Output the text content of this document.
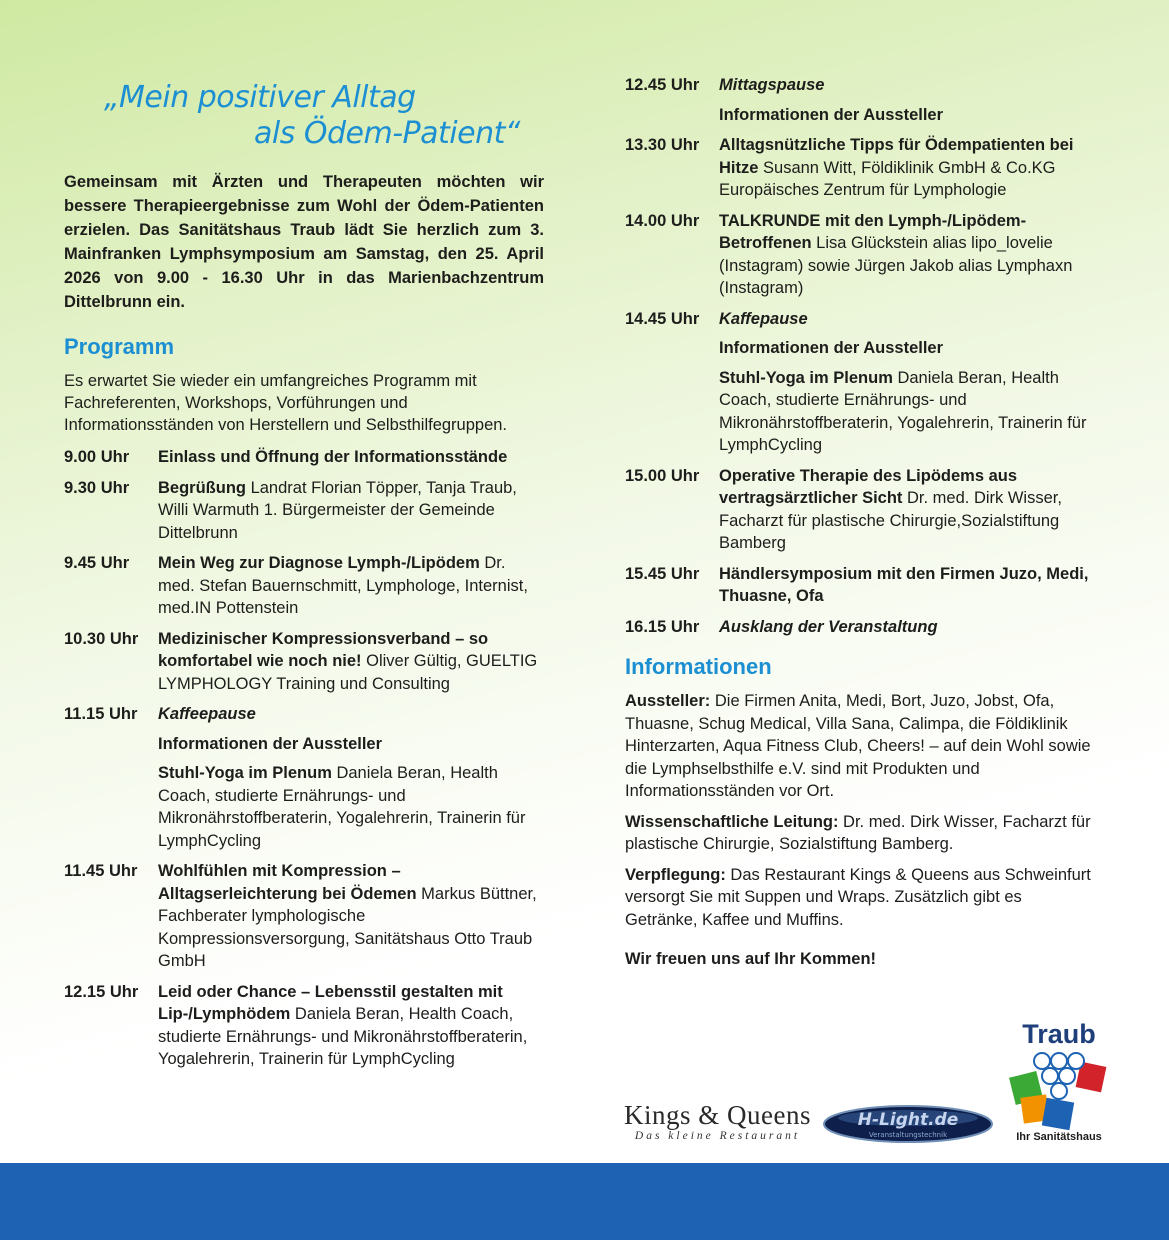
„Mein positiver Alltag
als Ödem-Patient“

Gemeinsam mit Ärzten und Therapeuten möchten wir bessere Therapieergebnisse zum Wohl der Ödem-Patienten erzielen. Das Sanitätshaus Traub lädt Sie herzlich zum 3. Mainfranken Lymphsymposium am Samstag, den 25. April 2026 von 9.00 - 16.30 Uhr in das Marienbachzentrum Dittelbrunn ein.

Programm

Es erwartet Sie wieder ein umfangreiches Programm mit Fachreferenten, Workshops, Vorführungen und Informationsständen von Herstellern und Selbsthilfegruppen.

9.00 Uhr	Einlass und Öffnung der Informationsstände

9.30 Uhr	Begrüßung Landrat Florian Töpper, Tanja Traub, Willi Warmuth 1. Bürgermeister der Gemeinde Dittelbrunn

9.45 Uhr	Mein Weg zur Diagnose Lymph-/Lipödem Dr. med. Stefan Bauernschmitt, Lymphologe, Internist, med.IN Pottenstein

10.30 Uhr	Medizinischer Kompressionsverband – so komfortabel wie noch nie! Oliver Gültig, GUELTIG LYMPHOLOGY Training und Consulting

11.15 Uhr	Kaffeepause

Informationen der Aussteller

Stuhl-Yoga im Plenum Daniela Beran, Health Coach, studierte Ernährungs- und Mikronährstoffberaterin, Yogalehrerin, Trainerin für LymphCycling

11.45 Uhr	Wohlfühlen mit Kompression – Alltagserleichterung bei Ödemen Markus Büttner, Fachberater lymphologische Kompressionsversorgung, Sanitätshaus Otto Traub GmbH

12.15 Uhr	Leid oder Chance – Lebensstil gestalten mit Lip-/Lymphödem Daniela Beran, Health Coach, studierte Ernährungs- und Mikronährstoffberaterin, Yogalehrerin, Trainerin für LymphCycling

12.45 Uhr	Mittagspause

Informationen der Aussteller

13.30 Uhr	Alltagsnützliche Tipps für Ödempatienten bei Hitze Susann Witt, Földiklinik GmbH & Co.KG Europäisches Zentrum für Lymphologie

14.00 Uhr	TALKRUNDE mit den Lymph-/Lipödem-Betroffenen Lisa Glückstein alias lipo_lovelie (Instagram) sowie Jürgen Jakob alias Lymphaxn (Instagram)

14.45 Uhr	Kaffepause

Informationen der Aussteller

Stuhl-Yoga im Plenum Daniela Beran, Health Coach, studierte Ernährungs- und Mikronährstoffberaterin, Yogalehrerin, Trainerin für LymphCycling

15.00 Uhr	Operative Therapie des Lipödems aus vertragsärztlicher Sicht Dr. med. Dirk Wisser, Facharzt für plastische Chirurgie,Sozialstiftung Bamberg

15.45 Uhr	Händlersymposium mit den Firmen Juzo, Medi, Thuasne, Ofa

16.15 Uhr	Ausklang der Veranstaltung

Informationen

Aussteller: Die Firmen Anita, Medi, Bort, Juzo, Jobst, Ofa, Thuasne, Schug Medical, Villa Sana, Calimpa, die Földiklinik Hinterzarten, Aqua Fitness Club, Cheers! – auf dein Wohl sowie die Lymphselbsthilfe e.V. sind mit Produkten und Informationsständen vor Ort.

Wissenschaftliche Leitung: Dr. med. Dirk Wisser, Facharzt für plastische Chirurgie, Sozialstiftung Bamberg.

Verpflegung: Das Restaurant Kings & Queens aus Schweinfurt versorgt Sie mit Suppen und Wraps. Zusätzlich gibt es Getränke, Kaffee und Muffins.

Wir freuen uns auf Ihr Kommen!

Kings & Queens
Das kleine Restaurant
H-Light.de
Veranstaltungstechnik
Traub
Ihr Sanitätshaus
